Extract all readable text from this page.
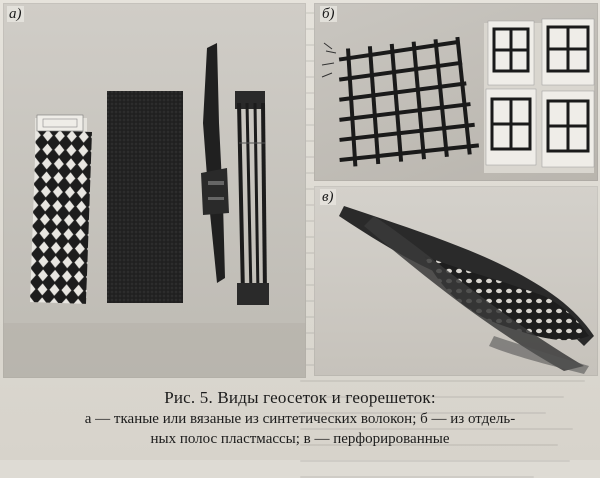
а)	б)
в)
Рис. 5. Виды геосеток и георешеток:
а — тканые или вязаные из синтетических волокон; б — из отдель-
ных полос пластмассы; в — перфорированные
